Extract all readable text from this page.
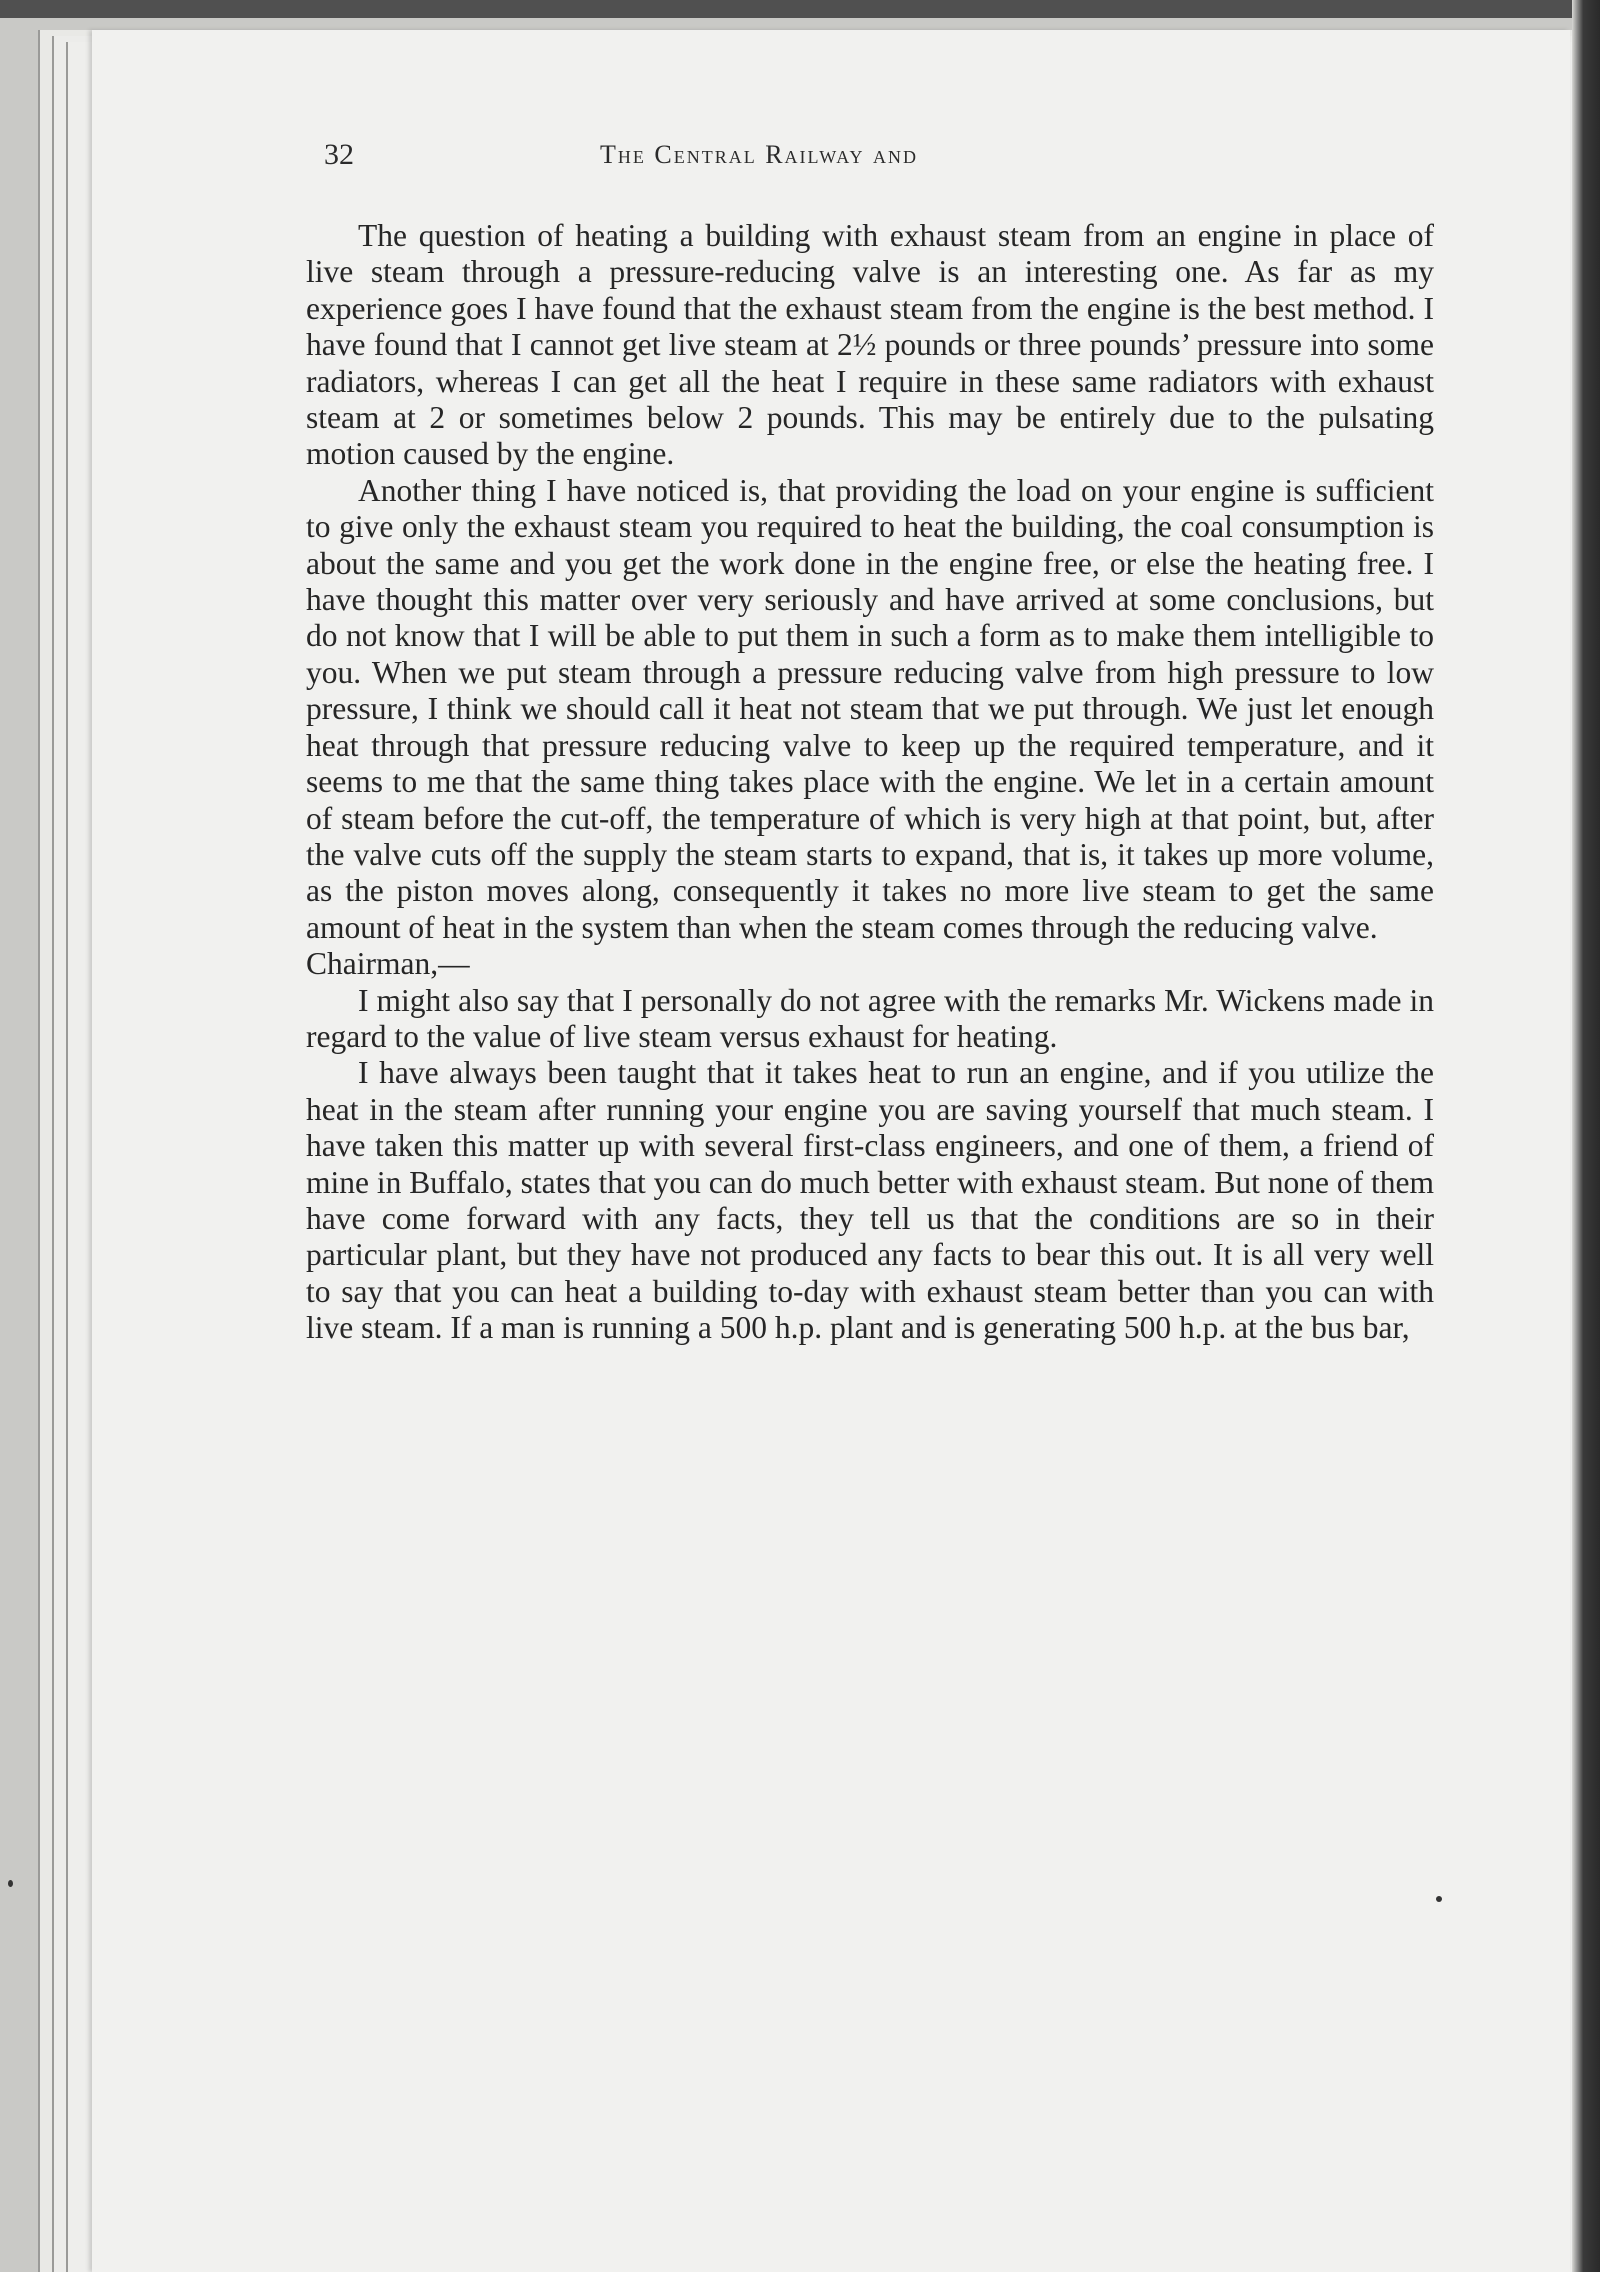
32	The Central Railway and

The question of heating a building with exhaust steam from an engine in place of live steam through a pressure-reducing valve is an interesting one. As far as my experience goes I have found that the exhaust steam from the engine is the best method. I have found that I cannot get live steam at 2½ pounds or three pounds’ pressure into some radiators, whereas I can get all the heat I require in these same radiators with exhaust steam at 2 or sometimes below 2 pounds. This may be entirely due to the pulsating motion caused by the engine.

Another thing I have noticed is, that providing the load on your engine is sufficient to give only the exhaust steam you required to heat the building, the coal consumption is about the same and you get the work done in the engine free, or else the heating free. I have thought this matter over very seriously and have arrived at some conclusions, but do not know that I will be able to put them in such a form as to make them intelligible to you. When we put steam through a pressure reducing valve from high pressure to low pressure, I think we should call it heat not steam that we put through. We just let enough heat through that pressure reducing valve to keep up the required temperature, and it seems to me that the same thing takes place with the engine. We let in a certain amount of steam before the cut-off, the temperature of which is very high at that point, but, after the valve cuts off the supply the steam starts to expand, that is, it takes up more volume, as the piston moves along, consequently it takes no more live steam to get the same amount of heat in the system than when the steam comes through the reducing valve.

Chairman,—

I might also say that I personally do not agree with the remarks Mr. Wickens made in regard to the value of live steam versus exhaust for heating.

I have always been taught that it takes heat to run an engine, and if you utilize the heat in the steam after running your engine you are saving yourself that much steam. I have taken this matter up with several first-class engineers, and one of them, a friend of mine in Buffalo, states that you can do much better with exhaust steam. But none of them have come forward with any facts, they tell us that the conditions are so in their particular plant, but they have not produced any facts to bear this out. It is all very well to say that you can heat a building to-day with exhaust steam better than you can with live steam. If a man is running a 500 h.p. plant and is generating 500 h.p. at the bus bar,
